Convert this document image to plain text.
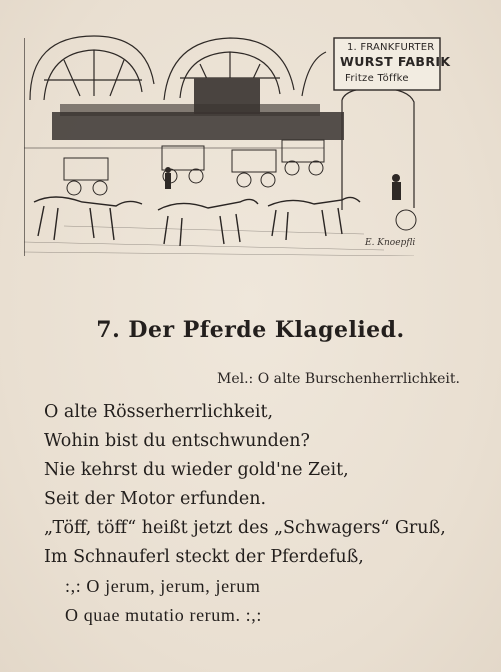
1. FRANKFURTER
WURST FABRIK
Fritze Töffke
E. Knoepfli
7. Der Pferde Klagelied.
Mel.: O alte Burschenherrlichkeit.
O alte Rösserherrlichkeit,
Wohin bist du entschwunden?
Nie kehrst du wieder gold'ne Zeit,
Seit der Motor erfunden.
„Töff, töff“ heißt jetzt des „Schwagers“ Gruß,
Im Schnauferl steckt der Pferdefuß,
:,: O jerum, jerum, jerum
O quae mutatio rerum. :,:
